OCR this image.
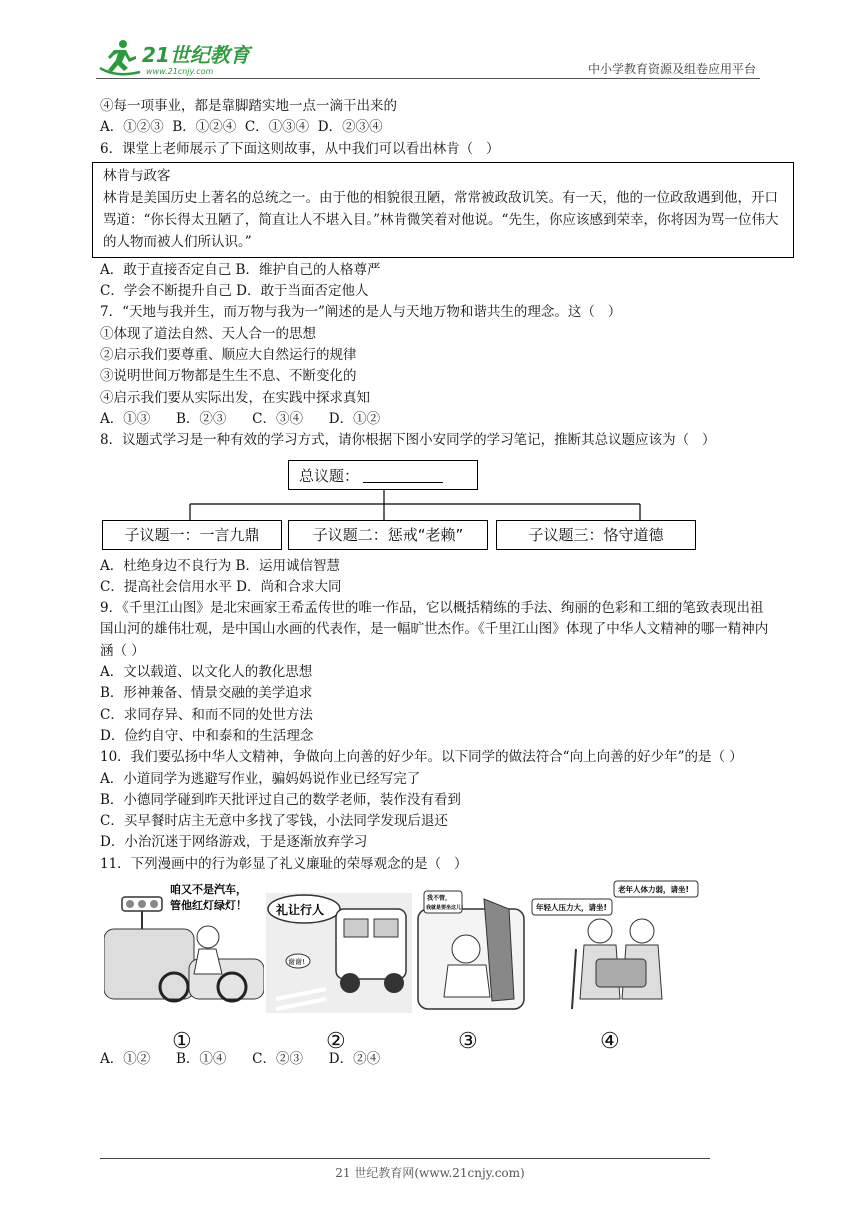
21世纪教育
www.21cnjy.com	中小学教育资源及组卷应用平台
④每一项事业，都是靠脚踏实地一点一滴干出来的
A．①②③  B．①②④  C．①③④  D．②③④
6．课堂上老师展示了下面这则故事，从中我们可以看出林肯（   ）
林肯与政客
林肯是美国历史上著名的总统之一。由于他的相貌很丑陋，常常被政敌讥笑。有一天，他的一位政敌遇到他，开口骂道：“你长得太丑陋了，简直让人不堪入目。”林肯微笑着对他说。“先生，你应该感到荣幸，你将因为骂一位伟大的人物而被人们所认识。”
A．敢于直接否定自己 B．维护自己的人格尊严
C．学会不断提升自己 D．敢于当面否定他人
7．“天地与我并生，而万物与我为一”阐述的是人与天地万物和谐共生的理念。这（   ）
①体现了道法自然、天人合一的思想
②启示我们要尊重、顺应大自然运行的规律
③说明世间万物都是生生不息、不断变化的
④启示我们要从实际出发，在实践中探求真知
A．①③      B．②③      C．③④      D．①②
8．议题式学习是一种有效的学习方式，请你根据下图小安同学的学习笔记，推断其总议题应该为（   ）
总议题：
子议题一：一言九鼎	子议题二：惩戒“老赖”	子议题三：恪守道德
A．杜绝身边不良行为 B．运用诚信智慧
C．提高社会信用水平 D．尚和合求大同
9．《千里江山图》是北宋画家王希孟传世的唯一作品，它以概括精练的手法、绚丽的色彩和工细的笔致表现出祖国山河的雄伟壮观，是中国山水画的代表作，是一幅旷世杰作。《千里江山图》体现了中华人文精神的哪一精神内涵（ ）
A．文以载道、以文化人的教化思想
B．形神兼备、情景交融的美学追求
C．求同存异、和而不同的处世方法
D．俭约自守、中和泰和的生活理念
10．我们要弘扬中华人文精神，争做向上向善的好少年。以下同学的做法符合“向上向善的好少年”的是（ ）
A．小道同学为逃避写作业，骗妈妈说作业已经写完了
B．小德同学碰到昨天批评过自己的数学老师，装作没有看到
C．买早餐时店主无意中多找了零钱，小法同学发现后退还
D．小治沉迷于网络游戏，于是逐渐放弃学习
11．下列漫画中的行为彰显了礼义廉耻的荣辱观念的是（   ）
咱又不是汽车，
管他红灯绿灯！ 礼让行人
谢谢!
我不管，
我就是要坐这儿!
老年人体力弱，请坐!
年轻人压力大，请坐!
①	②	③	④
A．①②      B．①④      C．②③      D．②④
21 世纪教育网(www.21cnjy.com)
